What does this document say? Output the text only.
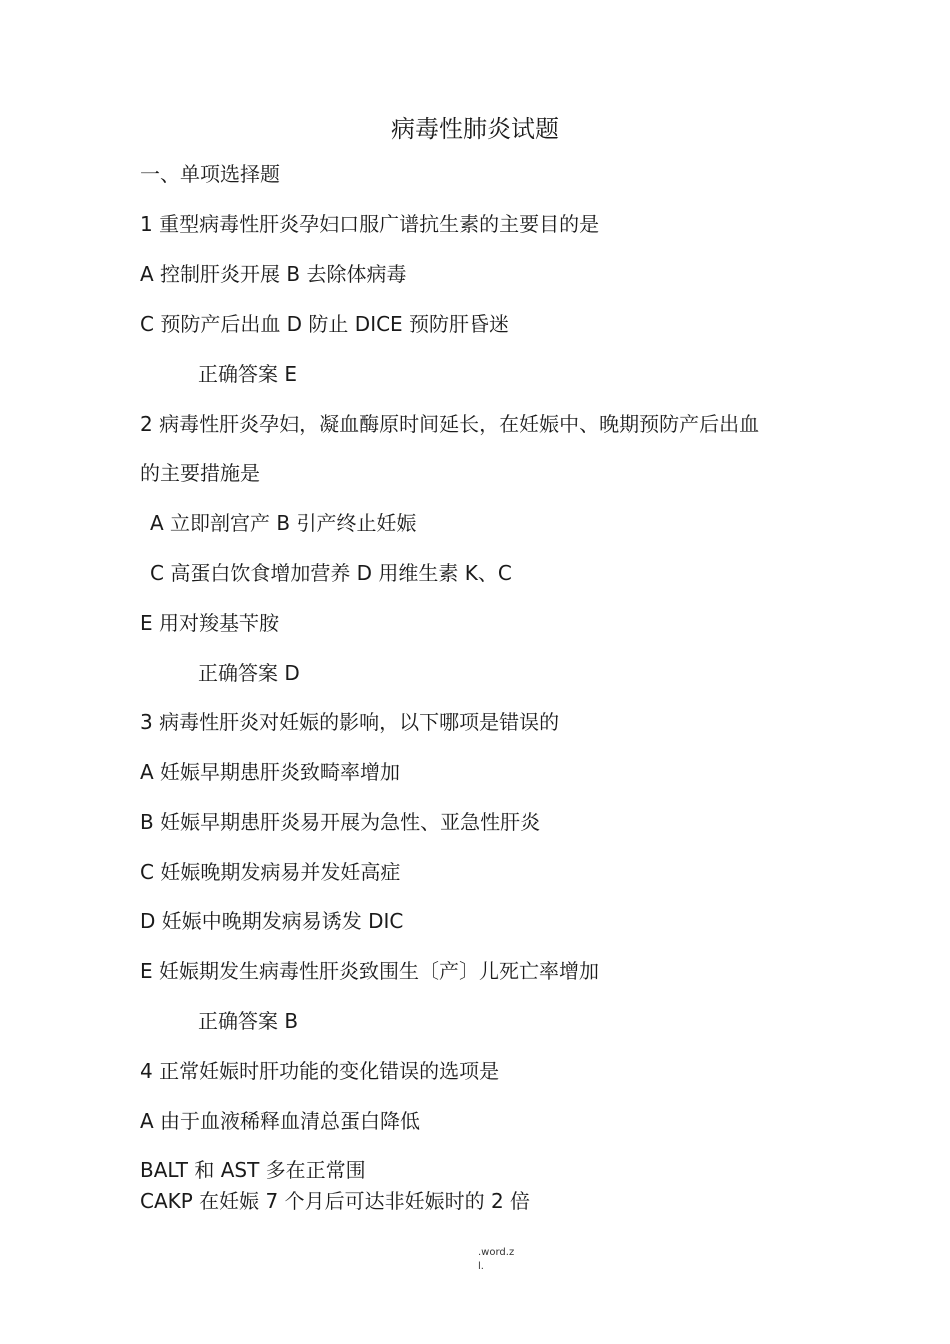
病毒性肺炎试题
一、单项选择题
1 重型病毒性肝炎孕妇口服广谱抗生素的主要目的是
A 控制肝炎开展 B 去除体病毒
C 预防产后出血 D 防止 DICE 预防肝昏迷
正确答案 E
2 病毒性肝炎孕妇，凝血酶原时间延长，在妊娠中、晚期预防产后出血
的主要措施是
A 立即剖宫产 B 引产终止妊娠
C 高蛋白饮食增加营养 D 用维生素 K、C
E 用对羧基苄胺
正确答案 D
3 病毒性肝炎对妊娠的影响，以下哪项是错误的
A 妊娠早期患肝炎致畸率增加
B 妊娠早期患肝炎易开展为急性、亚急性肝炎
C 妊娠晚期发病易并发妊高症
D 妊娠中晚期发病易诱发 DIC
E 妊娠期发生病毒性肝炎致围生〔产〕儿死亡率增加
正确答案 B
4 正常妊娠时肝功能的变化错误的选项是
A 由于血液稀释血清总蛋白降低
BALT 和 AST 多在正常围
CAKP 在妊娠 7 个月后可达非妊娠时的 2 倍
.word.z
l.
